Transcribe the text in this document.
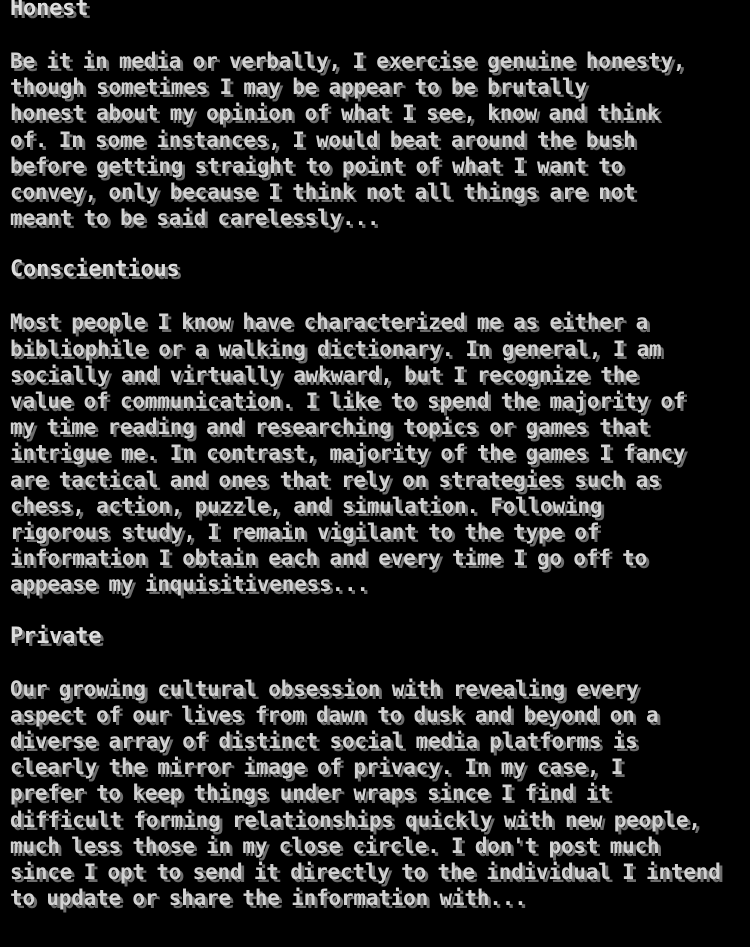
Honest

Be it in media or verbally, I exercise genuine honesty,
though sometimes I may be appear to be brutally
honest about my opinion of what I see, know and think
of. In some instances, I would beat around the bush
before getting straight to point of what I want to
convey, only because I think not all things are not
meant to be said carelessly...

Conscientious

Most people I know have characterized me as either a
bibliophile or a walking dictionary. In general, I am
socially and virtually awkward, but I recognize the
value of communication. I like to spend the majority of
my time reading and researching topics or games that
intrigue me. In contrast, majority of the games I fancy
are tactical and ones that rely on strategies such as
chess, action, puzzle, and simulation. Following
rigorous study, I remain vigilant to the type of
information I obtain each and every time I go off to
appease my inquisitiveness...

Private

Our growing cultural obsession with revealing every
aspect of our lives from dawn to dusk and beyond on a
diverse array of distinct social media platforms is
clearly the mirror image of privacy. In my case, I
prefer to keep things under wraps since I find it
difficult forming relationships quickly with new people,
much less those in my close circle. I don't post much
since I opt to send it directly to the individual I intend
to update or share the information with...
